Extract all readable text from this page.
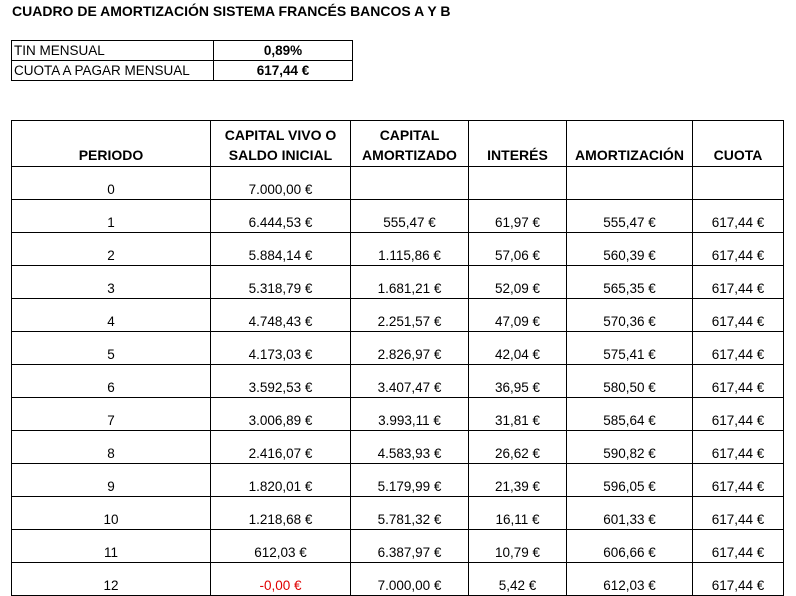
CUADRO DE AMORTIZACIÓN SISTEMA FRANCÉS BANCOS A Y B
TIN MENSUAL	0,89%
CUOTA A PAGAR MENSUAL	617,44 €
PERIODO	CAPITAL VIVO O SALDO INICIAL	CAPITAL AMORTIZADO	INTERÉS	AMORTIZACIÓN	CUOTA
0	7.000,00 €				
1	6.444,53 €	555,47 €	61,97 €	555,47 €	617,44 €
2	5.884,14 €	1.115,86 €	57,06 €	560,39 €	617,44 €
3	5.318,79 €	1.681,21 €	52,09 €	565,35 €	617,44 €
4	4.748,43 €	2.251,57 €	47,09 €	570,36 €	617,44 €
5	4.173,03 €	2.826,97 €	42,04 €	575,41 €	617,44 €
6	3.592,53 €	3.407,47 €	36,95 €	580,50 €	617,44 €
7	3.006,89 €	3.993,11 €	31,81 €	585,64 €	617,44 €
8	2.416,07 €	4.583,93 €	26,62 €	590,82 €	617,44 €
9	1.820,01 €	5.179,99 €	21,39 €	596,05 €	617,44 €
10	1.218,68 €	5.781,32 €	16,11 €	601,33 €	617,44 €
11	612,03 €	6.387,97 €	10,79 €	606,66 €	617,44 €
12	-0,00 €	7.000,00 €	5,42 €	612,03 €	617,44 €
